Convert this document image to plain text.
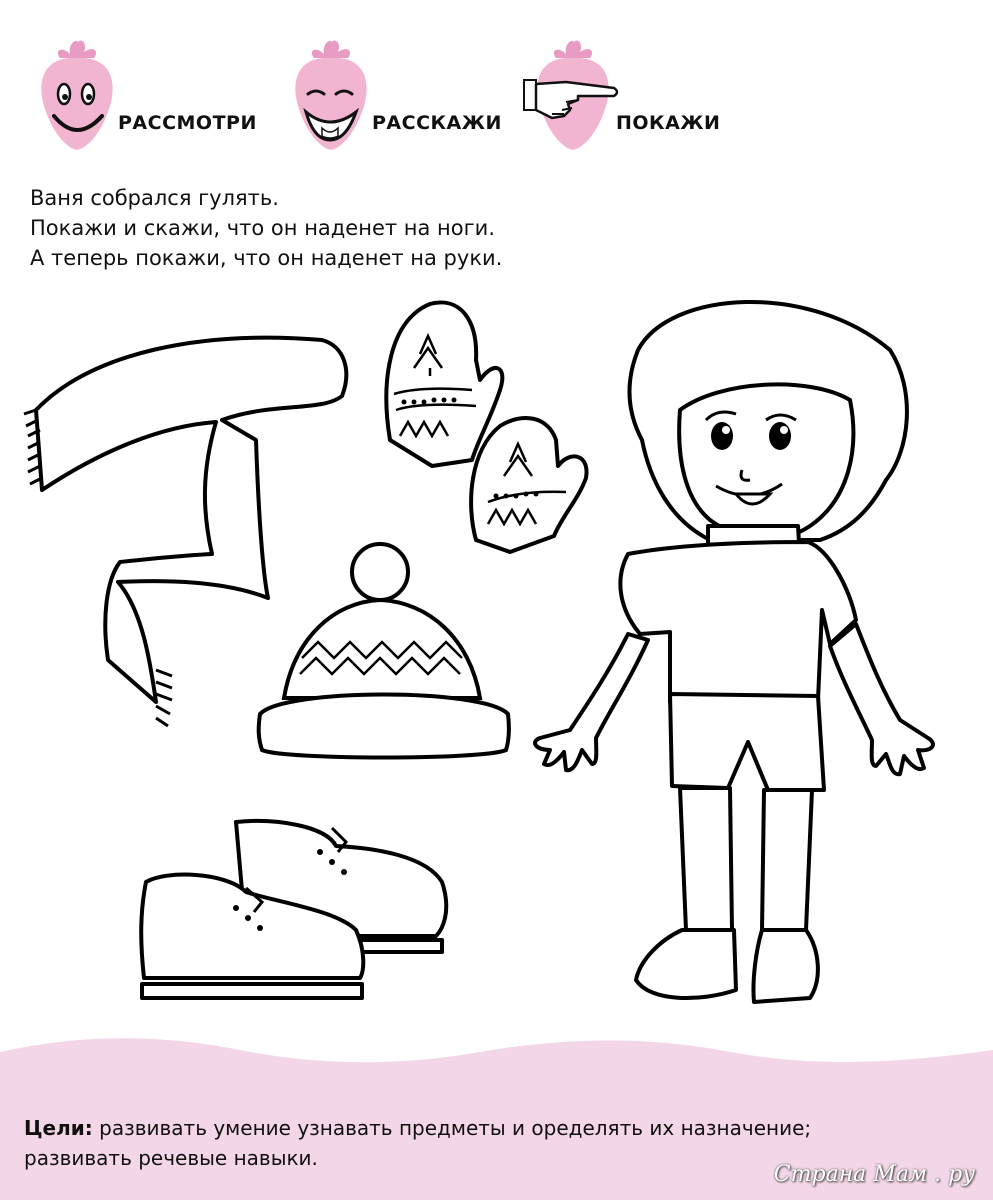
РАССМОТРИ	РАССКАЖИ	ПОКАЖИ
Ваня собрался гулять.
Покажи и скажи, что он наденет на ноги.
А теперь покажи, что он наденет на руки.
Цели: развивать умение узнавать предметы и оределять их назначение;
развивать речевые навыки.
Страна Мам . ру
